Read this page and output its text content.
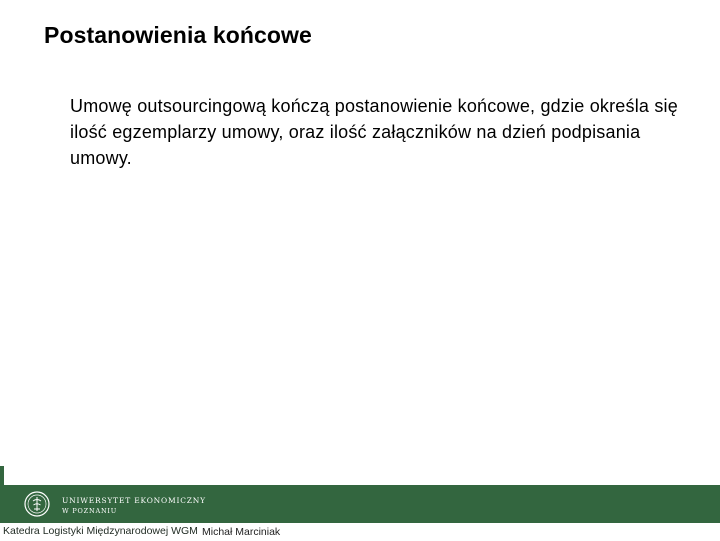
Postanowienia końcowe
Umowę outsourcingową kończą postanowienie końcowe, gdzie określa się ilość egzemplarzy umowy, oraz ilość załączników na dzień podpisania umowy.
UNIWERSYTET EKONOMICZNY
W POZNANIU
Katedra Logistyki Międzynarodowej WGM Michał Marciniak
